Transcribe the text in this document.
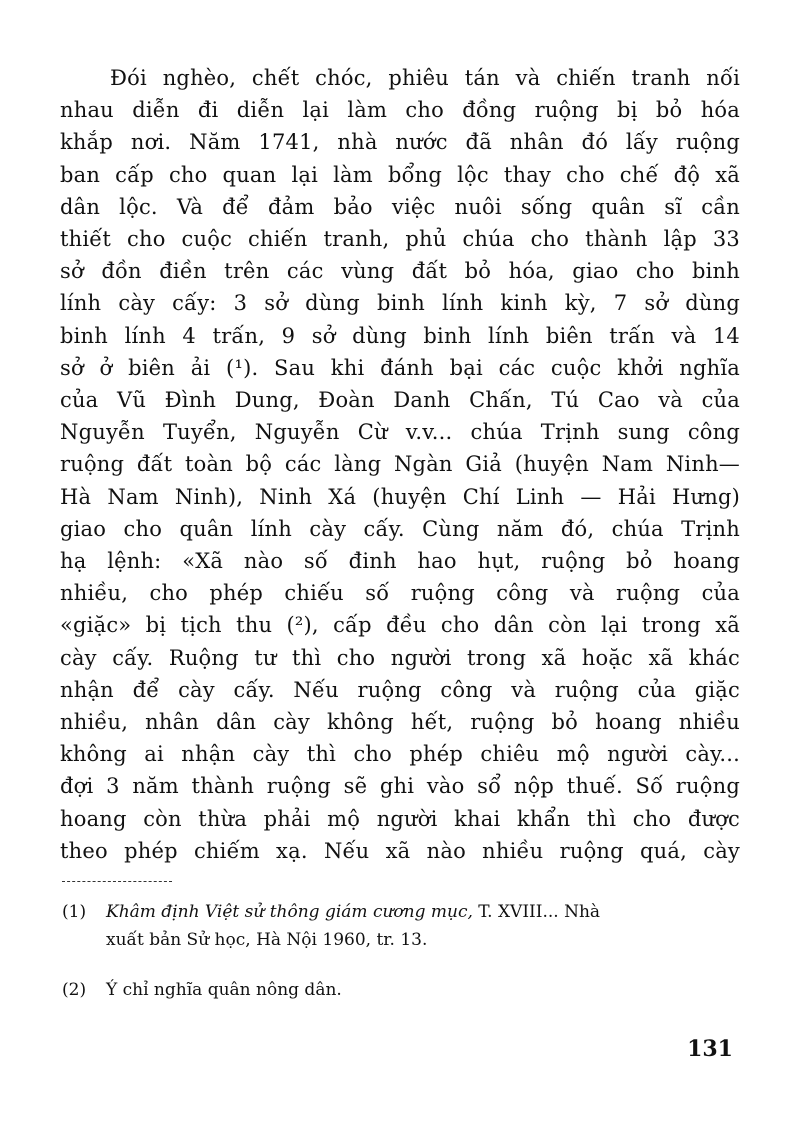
Đói nghèo, chết chóc, phiêu tán và chiến tranh nối
nhau diễn đi diễn lại làm cho đồng ruộng bị bỏ hóa
khắp nơi. Năm 1741, nhà nước đã nhân đó lấy ruộng
ban cấp cho quan lại làm bổng lộc thay cho chế độ xã
dân lộc. Và để đảm bảo việc nuôi sống quân sĩ cần
thiết cho cuộc chiến tranh, phủ chúa cho thành lập 33
sở đồn điền trên các vùng đất bỏ hóa, giao cho binh
lính cày cấy: 3 sở dùng binh lính kinh kỳ, 7 sở dùng
binh lính 4 trấn, 9 sở dùng binh lính biên trấn và 14
sở ở biên ải (¹). Sau khi đánh bại các cuộc khởi nghĩa
của Vũ Đình Dung, Đoàn Danh Chấn, Tú Cao và của
Nguyễn Tuyển, Nguyễn Cừ v.v... chúa Trịnh sung công
ruộng đất toàn bộ các làng Ngàn Giả (huyện Nam Ninh—
Hà Nam Ninh), Ninh Xá (huyện Chí Linh — Hải Hưng)
giao cho quân lính cày cấy. Cùng năm đó, chúa Trịnh
hạ lệnh: «Xã nào số đinh hao hụt, ruộng bỏ hoang
nhiều, cho phép chiếu số ruộng công và ruộng của
«giặc» bị tịch thu (²), cấp đều cho dân còn lại trong xã
cày cấy. Ruộng tư thì cho người trong xã hoặc xã khác
nhận để cày cấy. Nếu ruộng công và ruộng của giặc
nhiều, nhân dân cày không hết, ruộng bỏ hoang nhiều
không ai nhận cày thì cho phép chiêu mộ người cày...
đợi 3 năm thành ruộng sẽ ghi vào sổ nộp thuế. Số ruộng
hoang còn thừa phải mộ người khai khẩn thì cho được
theo phép chiếm xạ. Nếu xã nào nhiều ruộng quá, cày
(1) Khâm định Việt sử thông giám cương mục, T. XVIII... Nhà
xuất bản Sử học, Hà Nội 1960, tr. 13.
(2) Ý chỉ nghĩa quân nông dân.
131
